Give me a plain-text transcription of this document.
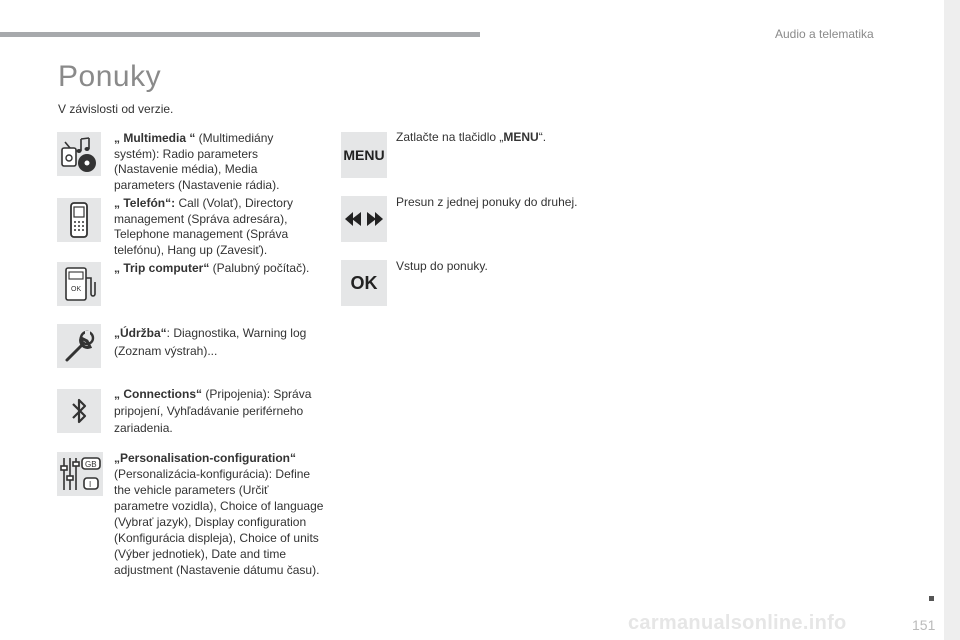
Audio a telematika
151
Ponuky
V závislosti od verzie.
„ Multimedia “ (Multimediány systém): Radio parameters (Nastavenie média), Media parameters (Nastavenie rádia).
„ Telefón“: Call (Volať), Directory management (Správa adresára), Telephone management (Správa telefónu), Hang up (Zavesiť).
OK
„ Trip computer“ (Palubný počítač).
„Údržba“: Diagnostika, Warning log (Zoznam výstrah)...
„ Connections“ (Pripojenia): Správa pripojení, Vyhľadávanie periférneho zariadenia.
GB
I
„Personalisation-configuration“ (Personalizácia-konfigurácia): Define the vehicle parameters (Určiť parametre vozidla), Choice of language (Vybrať jazyk), Display configuration (Konfigurácia displeja), Choice of units (Výber jednotiek), Date and time adjustment (Nastavenie dátumu času).
MENU
Zatlačte na tlačidlo „MENU“.
Presun z jednej ponuky do druhej.
OK
Vstup do ponuky.
carmanualsonline.info
